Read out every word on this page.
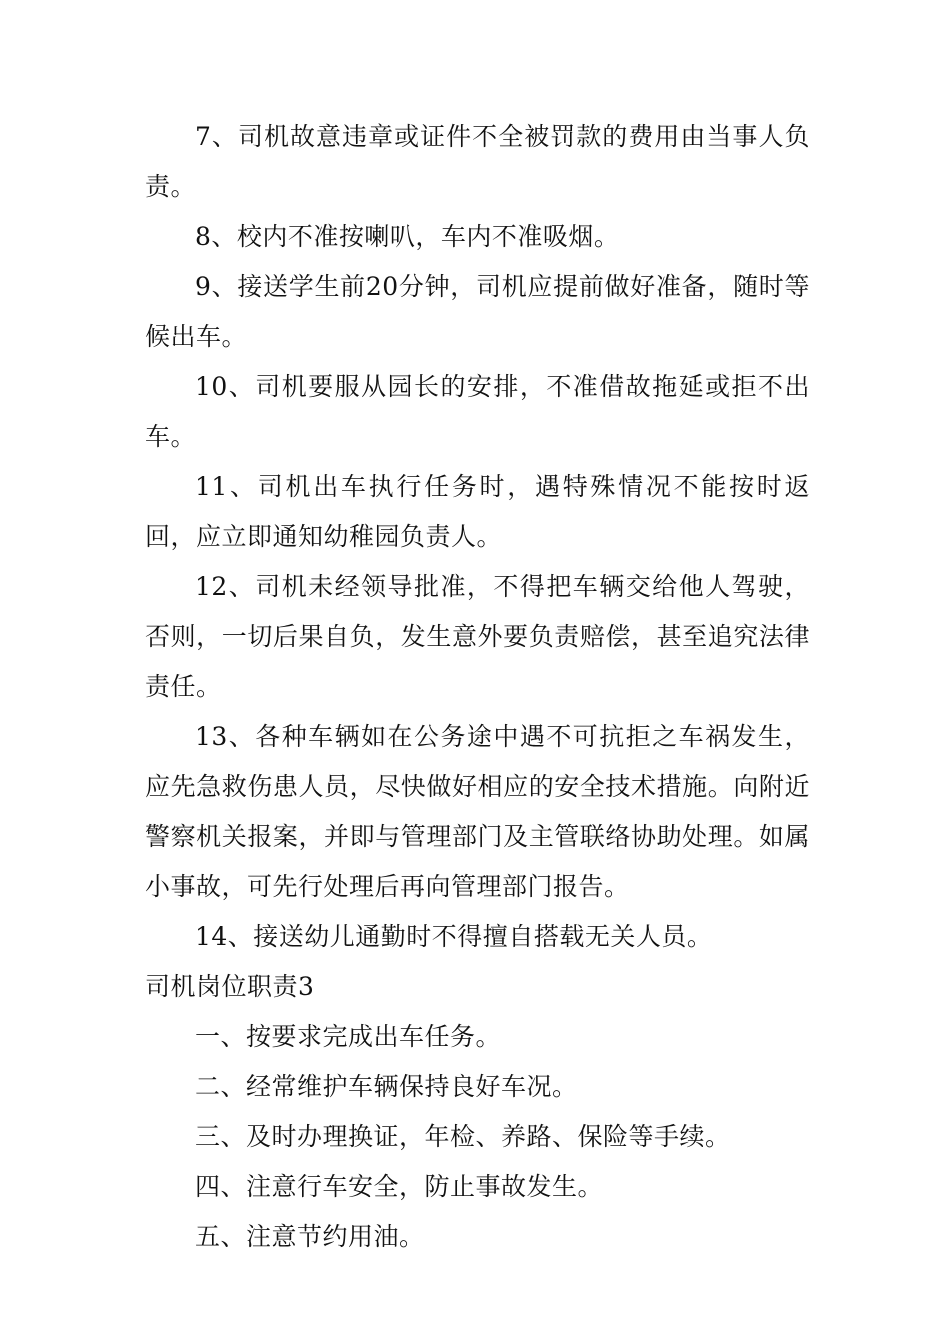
7、司机故意违章或证件不全被罚款的费用由当事人负责。

8、校内不准按喇叭，车内不准吸烟。

9、接送学生前20分钟，司机应提前做好准备，随时等候出车。

10、司机要服从园长的安排，不准借故拖延或拒不出车。

11、司机出车执行任务时，遇特殊情况不能按时返回，应立即通知幼稚园负责人。

12、司机未经领导批准，不得把车辆交给他人驾驶，否则，一切后果自负，发生意外要负责赔偿，甚至追究法律责任。

13、各种车辆如在公务途中遇不可抗拒之车祸发生，应先急救伤患人员，尽快做好相应的安全技术措施。向附近警察机关报案，并即与管理部门及主管联络协助处理。如属小事故，可先行处理后再向管理部门报告。

14、接送幼儿通勤时不得擅自搭载无关人员。

司机岗位职责3

一、按要求完成出车任务。

二、经常维护车辆保持良好车况。

三、及时办理换证，年检、养路、保险等手续。

四、注意行车安全，防止事故发生。

五、注意节约用油。
